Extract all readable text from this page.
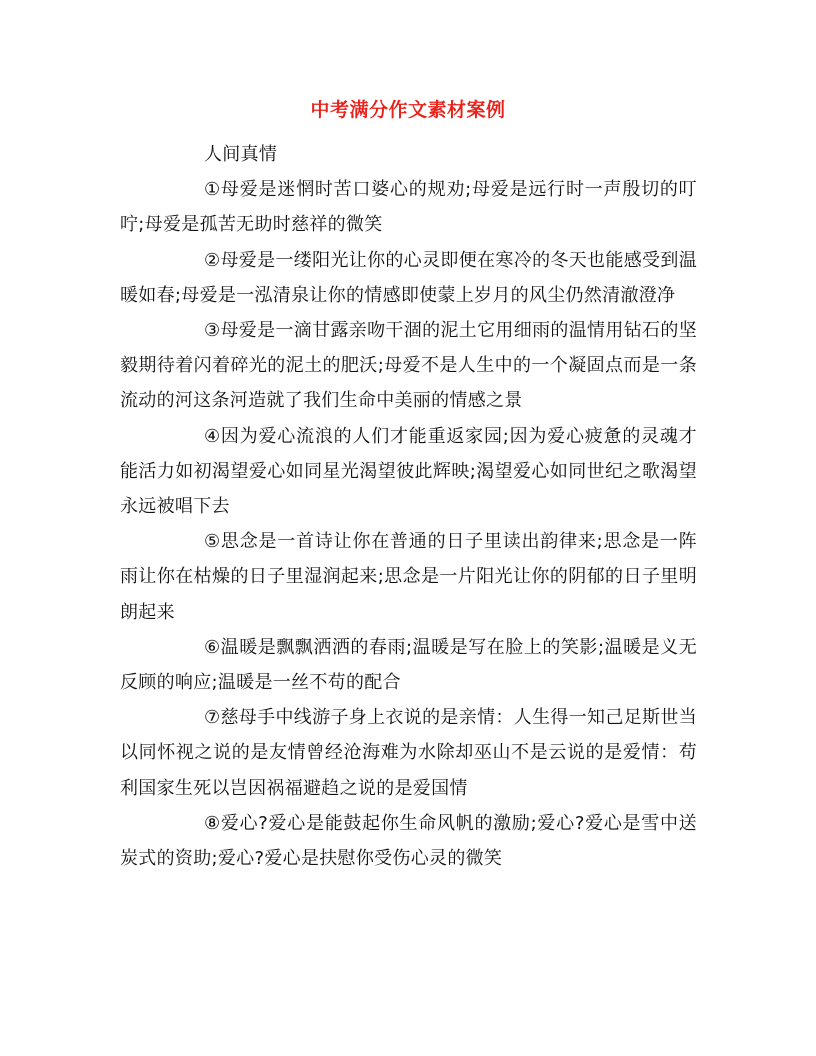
中考满分作文素材案例

人间真情

①母爱是迷惘时苦口婆心的规劝;母爱是远行时一声殷切的叮咛;母爱是孤苦无助时慈祥的微笑

②母爱是一缕阳光让你的心灵即便在寒冷的冬天也能感受到温暖如春;母爱是一泓清泉让你的情感即使蒙上岁月的风尘仍然清澈澄净

③母爱是一滴甘露亲吻干涸的泥土它用细雨的温情用钻石的坚毅期待着闪着碎光的泥土的肥沃;母爱不是人生中的一个凝固点而是一条流动的河这条河造就了我们生命中美丽的情感之景

④因为爱心流浪的人们才能重返家园;因为爱心疲惫的灵魂才能活力如初渴望爱心如同星光渴望彼此辉映;渴望爱心如同世纪之歌渴望永远被唱下去

⑤思念是一首诗让你在普通的日子里读出韵律来;思念是一阵雨让你在枯燥的日子里湿润起来;思念是一片阳光让你的阴郁的日子里明朗起来

⑥温暖是飘飘洒洒的春雨;温暖是写在脸上的笑影;温暖是义无反顾的响应;温暖是一丝不苟的配合

⑦慈母手中线游子身上衣说的是亲情：人生得一知己足斯世当以同怀视之说的是友情曾经沧海难为水除却巫山不是云说的是爱情：苟利国家生死以岂因祸福避趋之说的是爱国情

⑧爱心?爱心是能鼓起你生命风帆的激励;爱心?爱心是雪中送炭式的资助;爱心?爱心是扶慰你受伤心灵的微笑
